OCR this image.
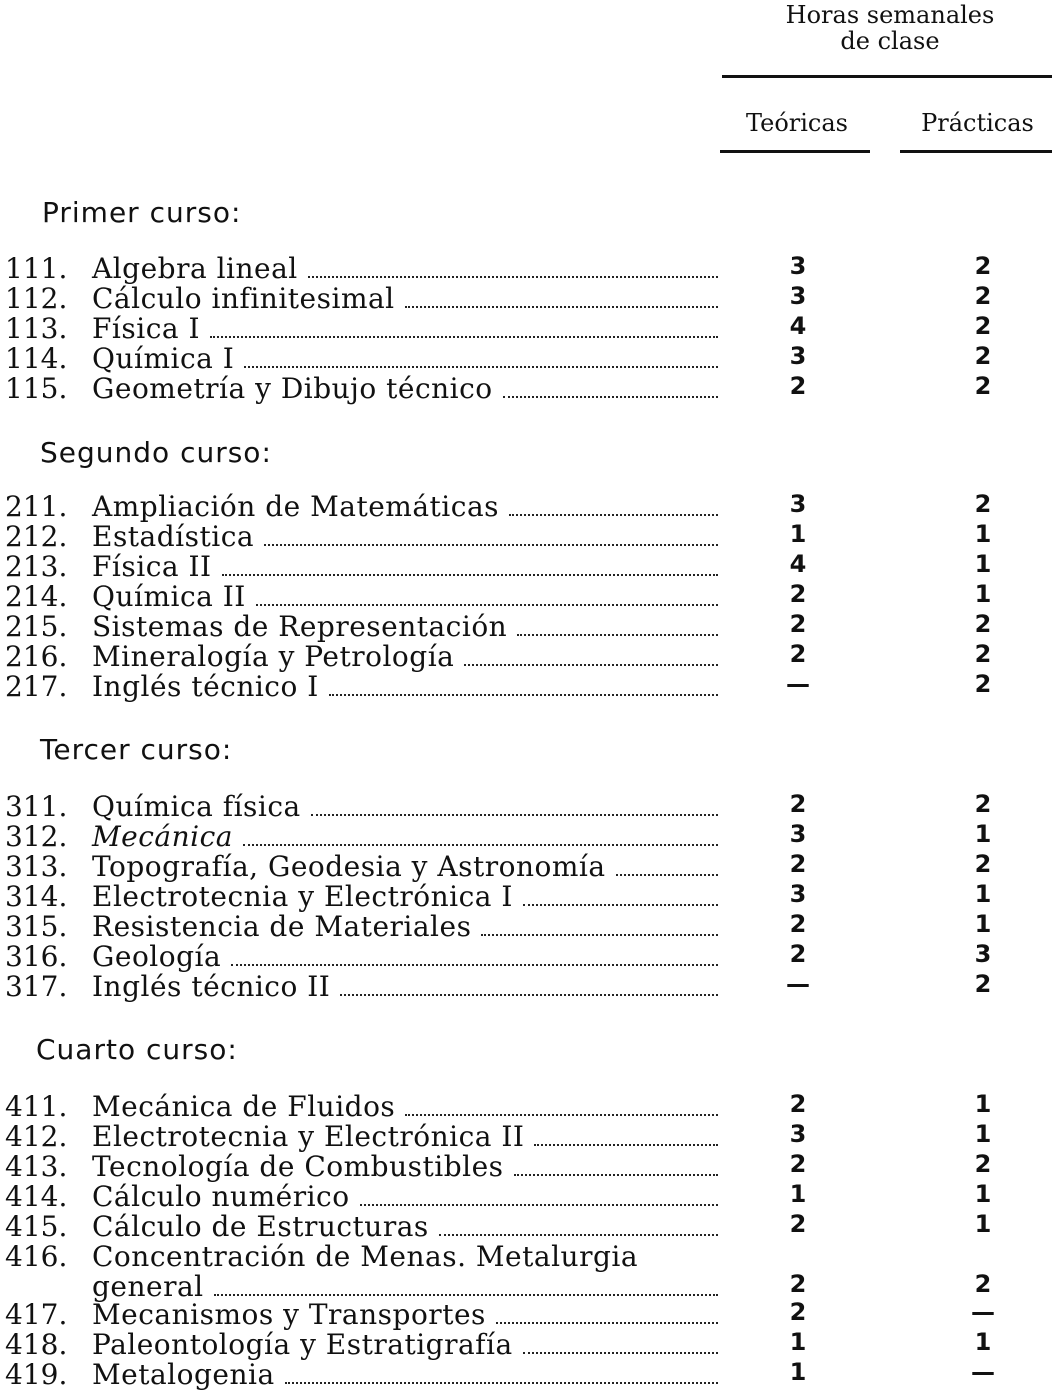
Horas semanales
de clase
Teóricas	Prácticas
Primer curso:
111. Algebra lineal	3	2
112. Cálculo infinitesimal	3	2
113. Física I	4	2
114. Química I	3	2
115. Geometría y Dibujo técnico	2	2
Segundo curso:
211. Ampliación de Matemáticas	3	2
212. Estadística	1	1
213. Física II	4	1
214. Química II	2	1
215. Sistemas de Representación	2	2
216. Mineralogía y Petrología	2	2
217. Inglés técnico I	—	2
Tercer curso:
311. Química física	2	2
312. Mecánica	3	1
313. Topografía, Geodesia y Astronomía	2	2
314. Electrotecnia y Electrónica I	3	1
315. Resistencia de Materiales	2	1
316. Geología	2	3
317. Inglés técnico II	—	2
Cuarto curso:
411. Mecánica de Fluidos	2	1
412. Electrotecnia y Electrónica II	3	1
413. Tecnología de Combustibles	2	2
414. Cálculo numérico	1	1
415. Cálculo de Estructuras	2	1
416. Concentración de Menas. Metalurgia
general	2	2
417. Mecanismos y Transportes	2	—
418. Paleontología y Estratigrafía	1	1
419. Metalogenia	1	—
